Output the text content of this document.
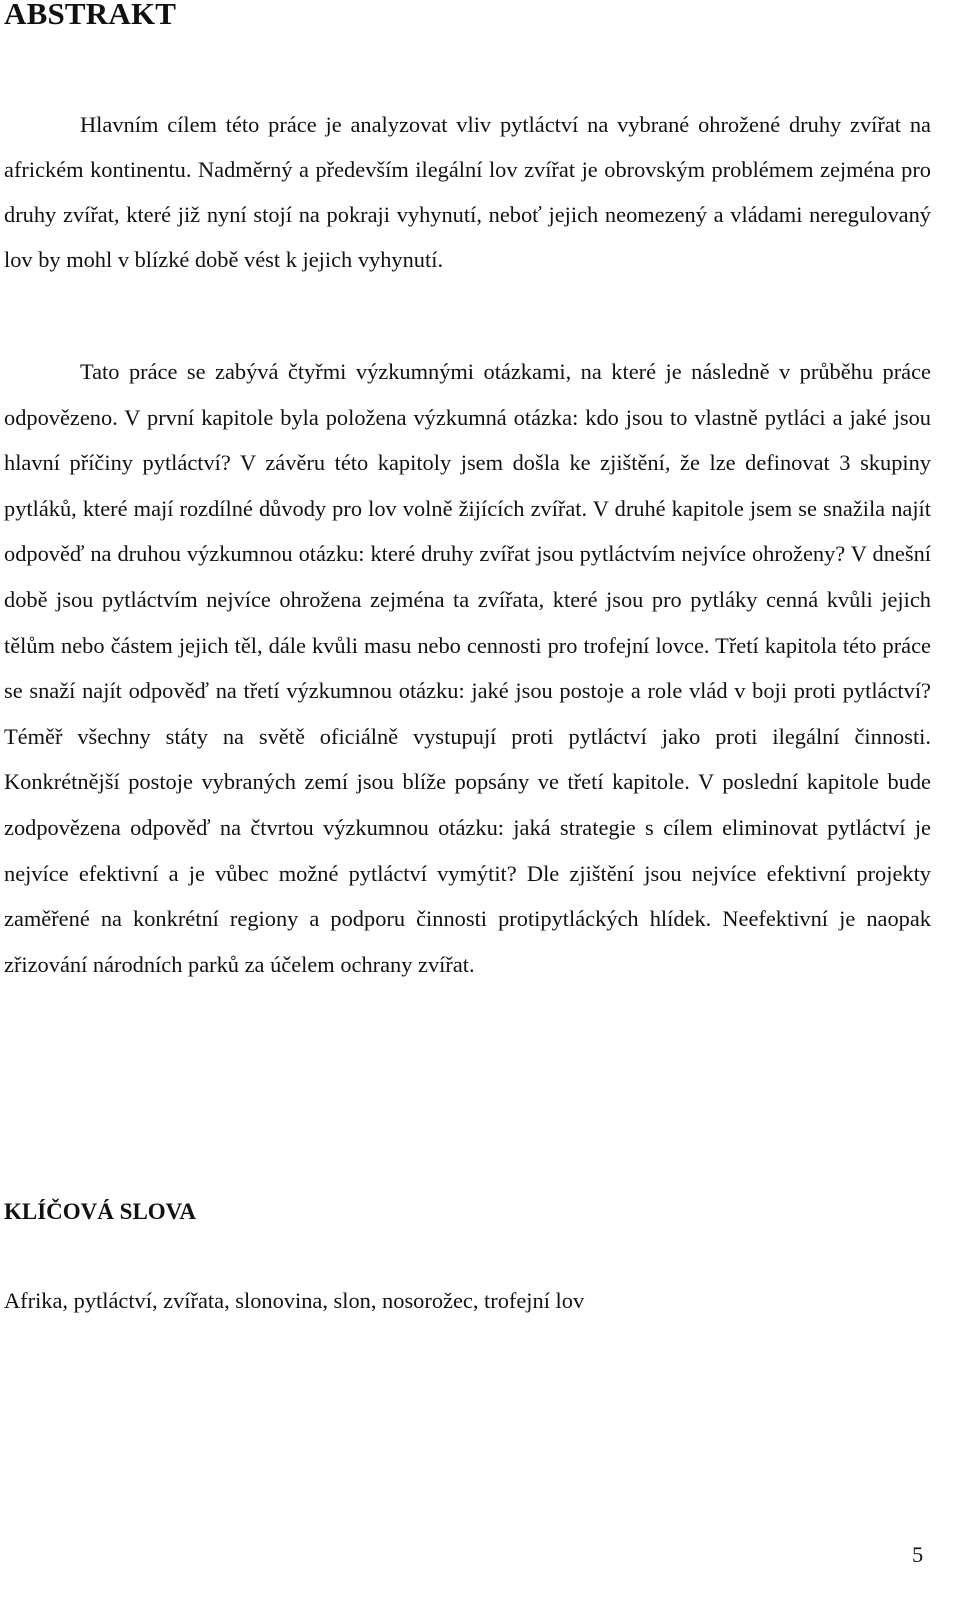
ABSTRAKT

Hlavním cílem této práce je analyzovat vliv pytláctví na vybrané ohrožené druhy zvířat na africkém kontinentu. Nadměrný a především ilegální lov zvířat je obrovským problémem zejména pro druhy zvířat, které již nyní stojí na pokraji vyhynutí, neboť jejich neomezený a vládami neregulovaný lov by mohl v blízké době vést k jejich vyhynutí.

Tato práce se zabývá čtyřmi výzkumnými otázkami, na které je následně v průběhu práce odpovězeno. V první kapitole byla položena výzkumná otázka: kdo jsou to vlastně pytláci a jaké jsou hlavní příčiny pytláctví? V závěru této kapitoly jsem došla ke zjištění, že lze definovat 3 skupiny pytláků, které mají rozdílné důvody pro lov volně žijících zvířat. V druhé kapitole jsem se snažila najít odpověď na druhou výzkumnou otázku: které druhy zvířat jsou pytláctvím nejvíce ohroženy? V dnešní době jsou pytláctvím nejvíce ohrožena zejména ta zvířata, které jsou pro pytláky cenná kvůli jejich tělům nebo částem jejich těl, dále kvůli masu nebo cennosti pro trofejní lovce. Třetí kapitola této práce se snaží najít odpověď na třetí výzkumnou otázku: jaké jsou postoje a role vlád v boji proti pytláctví? Téměř všechny státy na světě oficiálně vystupují proti pytláctví jako proti ilegální činnosti. Konkrétnější postoje vybraných zemí jsou blíže popsány ve třetí kapitole. V poslední kapitole bude zodpovězena odpověď na čtvrtou výzkumnou otázku: jaká strategie s cílem eliminovat pytláctví je nejvíce efektivní a je vůbec možné pytláctví vymýtit? Dle zjištění jsou nejvíce efektivní projekty zaměřené na konkrétní regiony a podporu činnosti protipytláckých hlídek. Neefektivní je naopak zřizování národních parků za účelem ochrany zvířat.

KLÍČOVÁ SLOVA

Afrika, pytláctví, zvířata, slonovina, slon, nosorožec, trofejní lov

5
